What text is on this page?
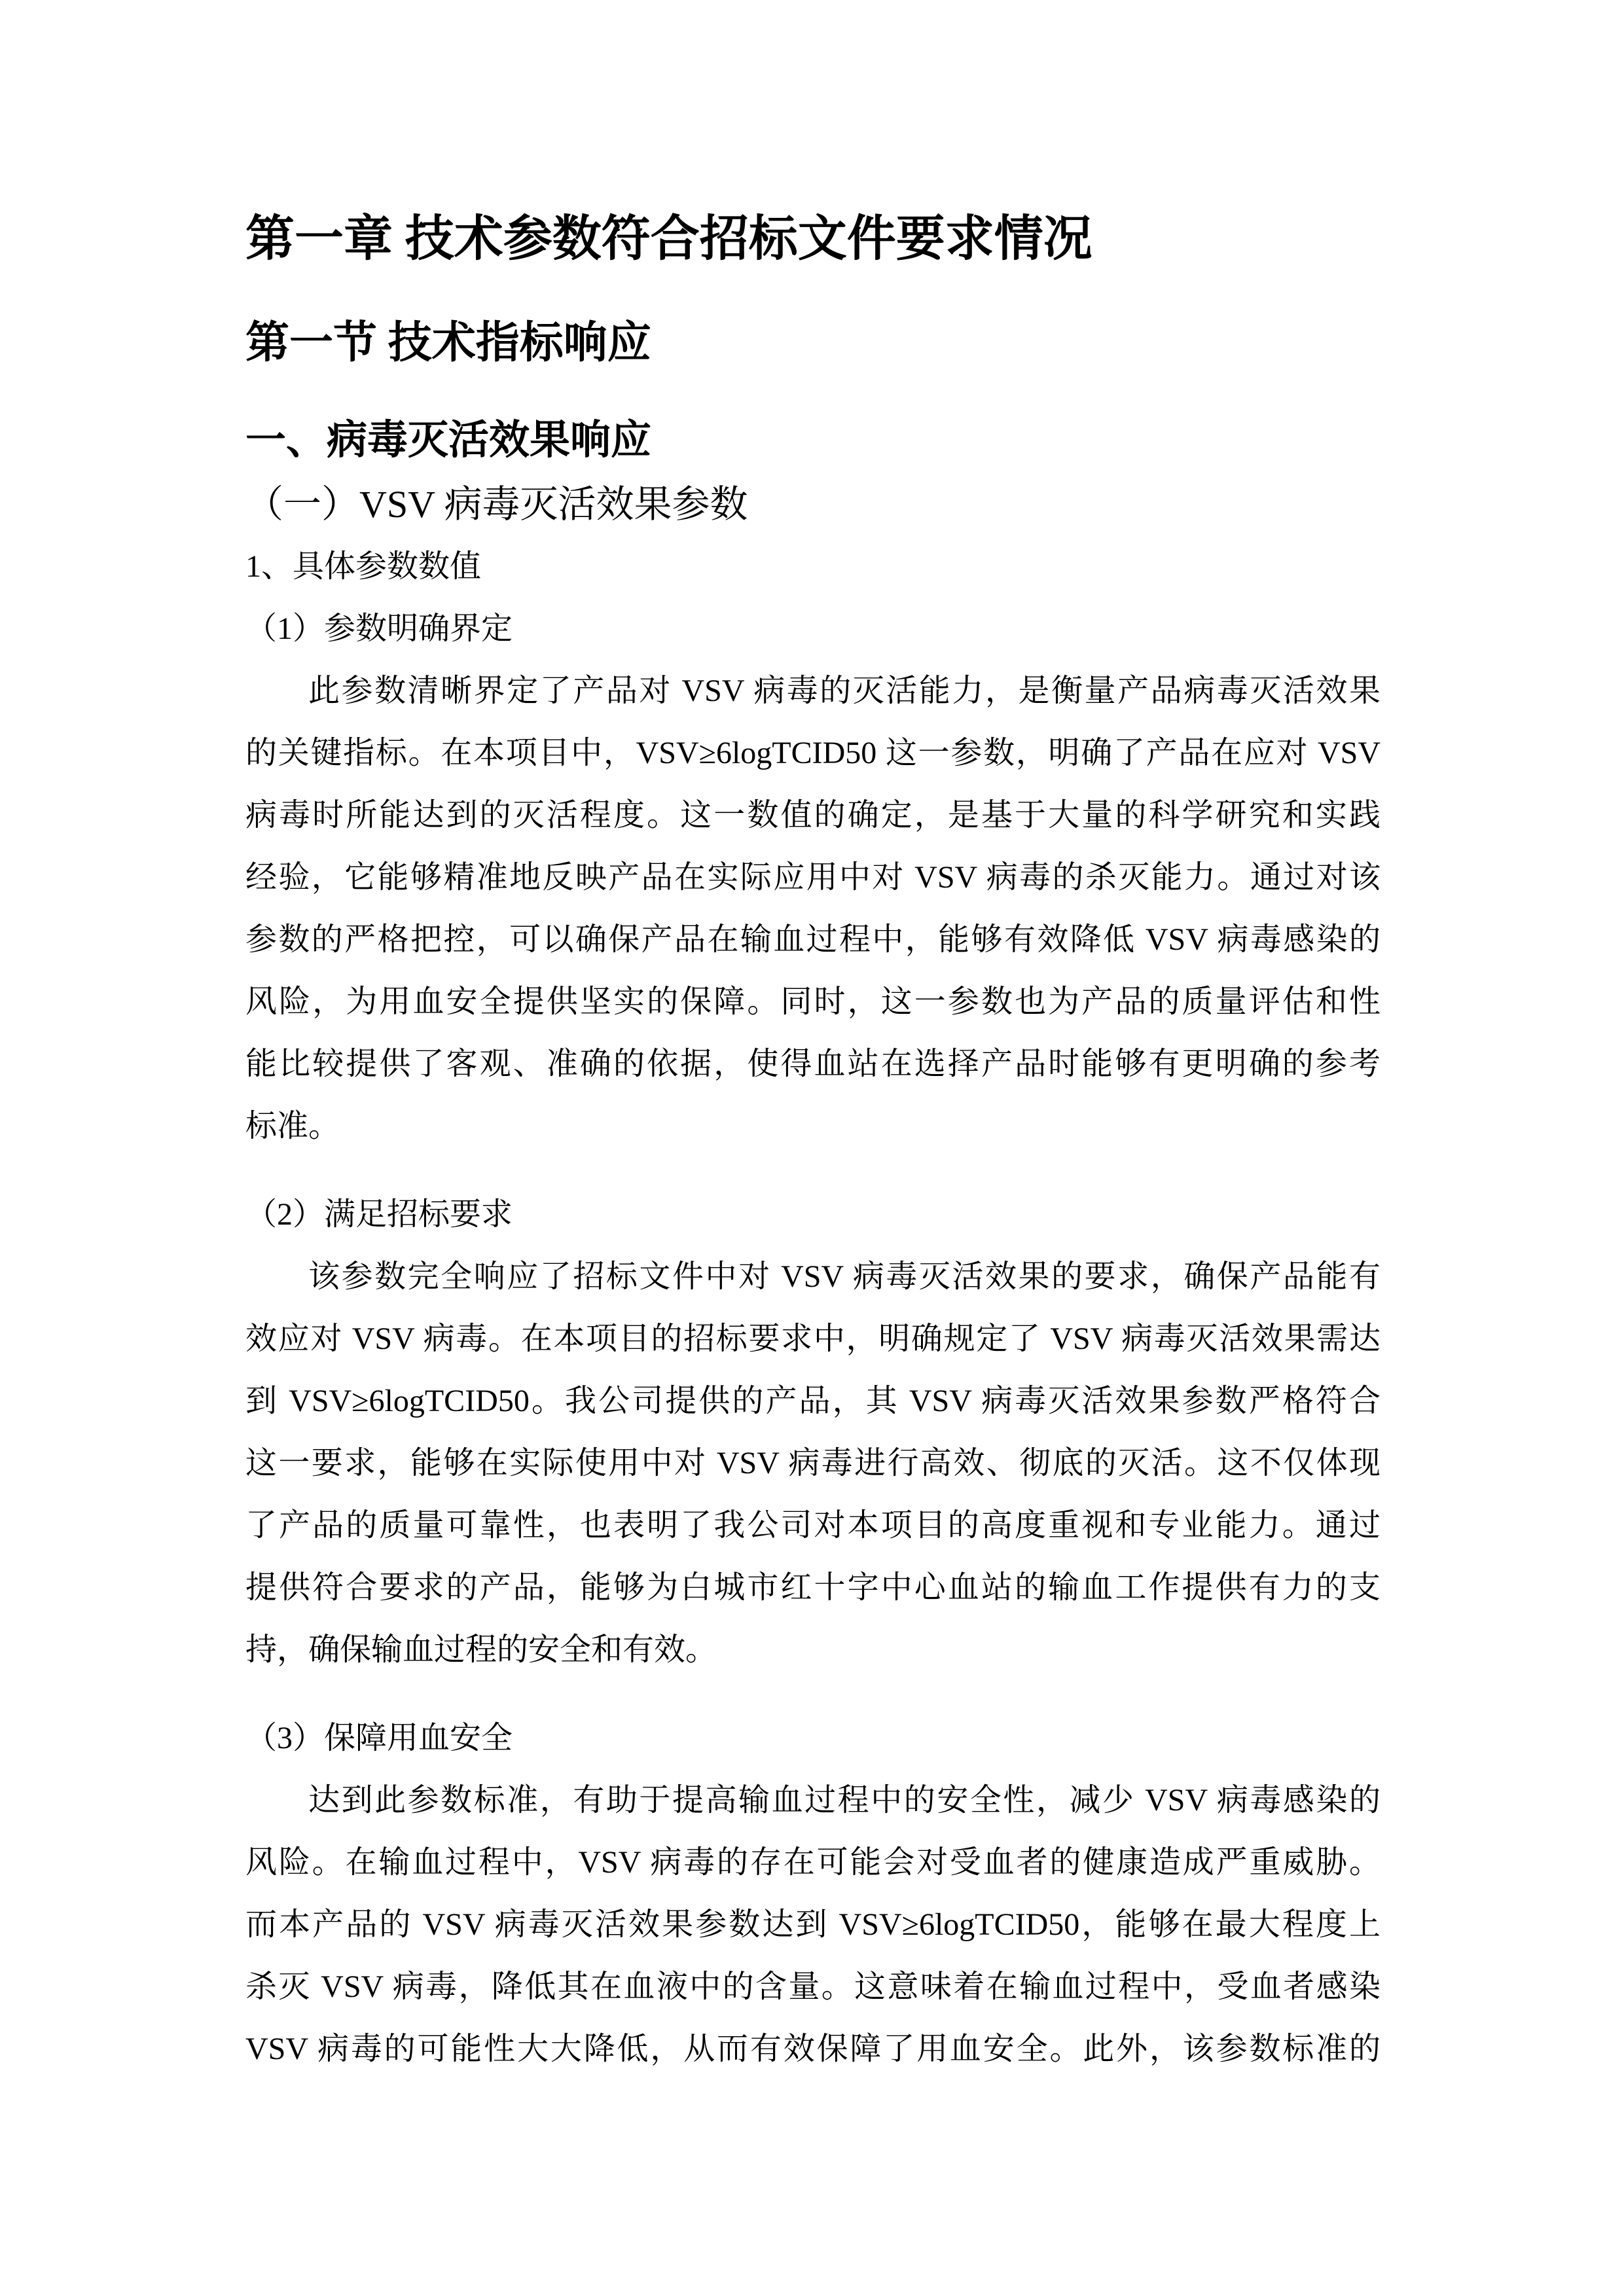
第一章 技术参数符合招标文件要求情况
第一节 技术指标响应
一、病毒灭活效果响应
（一）VSV 病毒灭活效果参数
1、具体参数数值
（1）参数明确界定
此参数清晰界定了产品对 VSV 病毒的灭活能力，是衡量产品病毒灭活效果
的关键指标。在本项目中，VSV≥6logTCID50 这一参数，明确了产品在应对 VSV
病毒时所能达到的灭活程度。这一数值的确定，是基于大量的科学研究和实践
经验，它能够精准地反映产品在实际应用中对 VSV 病毒的杀灭能力。通过对该
参数的严格把控，可以确保产品在输血过程中，能够有效降低 VSV 病毒感染的
风险，为用血安全提供坚实的保障。同时，这一参数也为产品的质量评估和性
能比较提供了客观、准确的依据，使得血站在选择产品时能够有更明确的参考
标准。
（2）满足招标要求
该参数完全响应了招标文件中对 VSV 病毒灭活效果的要求，确保产品能有
效应对 VSV 病毒。在本项目的招标要求中，明确规定了 VSV 病毒灭活效果需达
到 VSV≥6logTCID50。我公司提供的产品，其 VSV 病毒灭活效果参数严格符合
这一要求，能够在实际使用中对 VSV 病毒进行高效、彻底的灭活。这不仅体现
了产品的质量可靠性，也表明了我公司对本项目的高度重视和专业能力。通过
提供符合要求的产品，能够为白城市红十字中心血站的输血工作提供有力的支
持，确保输血过程的安全和有效。
（3）保障用血安全
达到此参数标准，有助于提高输血过程中的安全性，减少 VSV 病毒感染的
风险。在输血过程中，VSV 病毒的存在可能会对受血者的健康造成严重威胁。
而本产品的 VSV 病毒灭活效果参数达到 VSV≥6logTCID50，能够在最大程度上
杀灭 VSV 病毒，降低其在血液中的含量。这意味着在输血过程中，受血者感染
VSV 病毒的可能性大大降低，从而有效保障了用血安全。此外，该参数标准的
